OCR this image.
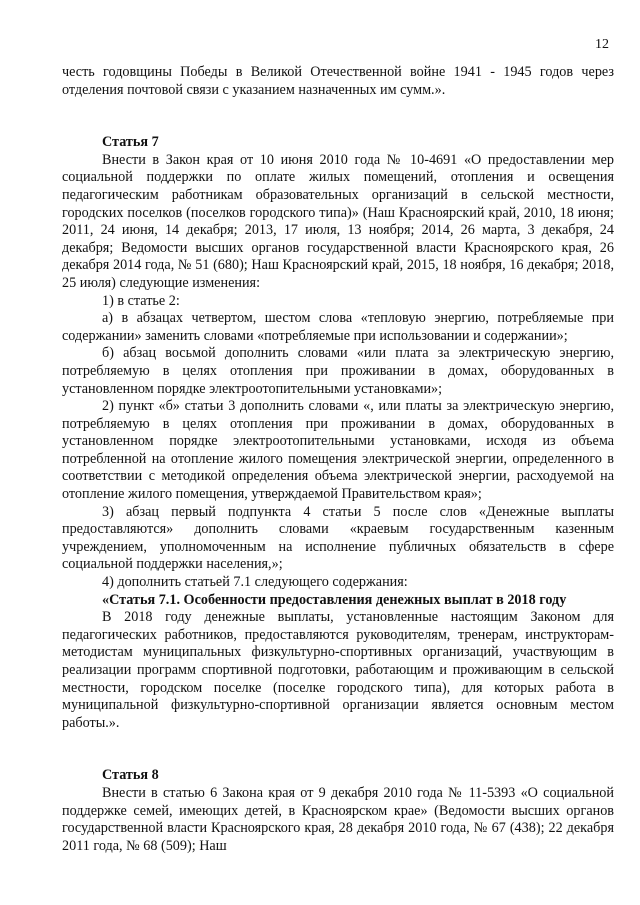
12

честь годовщины Победы в Великой Отечественной войне 1941 - 1945 годов через отделения почтовой связи с указанием назначенных им сумм.».

Статья 7

Внести в Закон края от 10 июня 2010 года № 10-4691 «О предоставлении мер социальной поддержки по оплате жилых помещений, отопления и освещения педагогическим работникам образовательных организаций в сельской местности, городских поселков (поселков городского типа)» (Наш Красноярский край, 2010, 18 июня; 2011, 24 июня, 14 декабря; 2013, 17 июля, 13 ноября; 2014, 26 марта, 3 декабря, 24 декабря; Ведомости высших органов государственной власти Красноярского края, 26 декабря 2014 года, № 51 (680); Наш Красноярский край, 2015, 18 ноября, 16 декабря; 2018, 25 июля) следующие изменения:

1) в статье 2:

а) в абзацах четвертом, шестом слова «тепловую энергию, потребляемые при содержании» заменить словами «потребляемые при использовании и содержании»;

б) абзац восьмой дополнить словами «или плата за электрическую энергию, потребляемую в целях отопления при проживании в домах, оборудованных в установленном порядке электроотопительными установками»;

2) пункт «б» статьи 3 дополнить словами «, или платы за электрическую энергию, потребляемую в целях отопления при проживании в домах, оборудованных в установленном порядке электроотопительными установками, исходя из объема потребленной на отопление жилого помещения электрической энергии, определенного в соответствии с методикой определения объема электрической энергии, расходуемой на отопление жилого помещения, утверждаемой Правительством края»;

3) абзац первый подпункта 4 статьи 5 после слов «Денежные выплаты предоставляются» дополнить словами «краевым государственным казенным учреждением, уполномоченным на исполнение публичных обязательств в сфере социальной поддержки населения,»;

4) дополнить статьей 7.1 следующего содержания:

«Статья 7.1. Особенности предоставления денежных выплат в 2018 году

В 2018 году денежные выплаты, установленные настоящим Законом для педагогических работников, предоставляются руководителям, тренерам, инструкторам-методистам муниципальных физкультурно-спортивных организаций, участвующим в реализации программ спортивной подготовки, работающим и проживающим в сельской местности, городском поселке (поселке городского типа), для которых работа в муниципальной физкультурно-спортивной организации является основным местом работы.».

Статья 8

Внести в статью 6 Закона края от 9 декабря 2010 года № 11-5393 «О социальной поддержке семей, имеющих детей, в Красноярском крае» (Ведомости высших органов государственной власти Красноярского края, 28 декабря 2010 года, № 67 (438); 22 декабря 2011 года, № 68 (509); Наш
